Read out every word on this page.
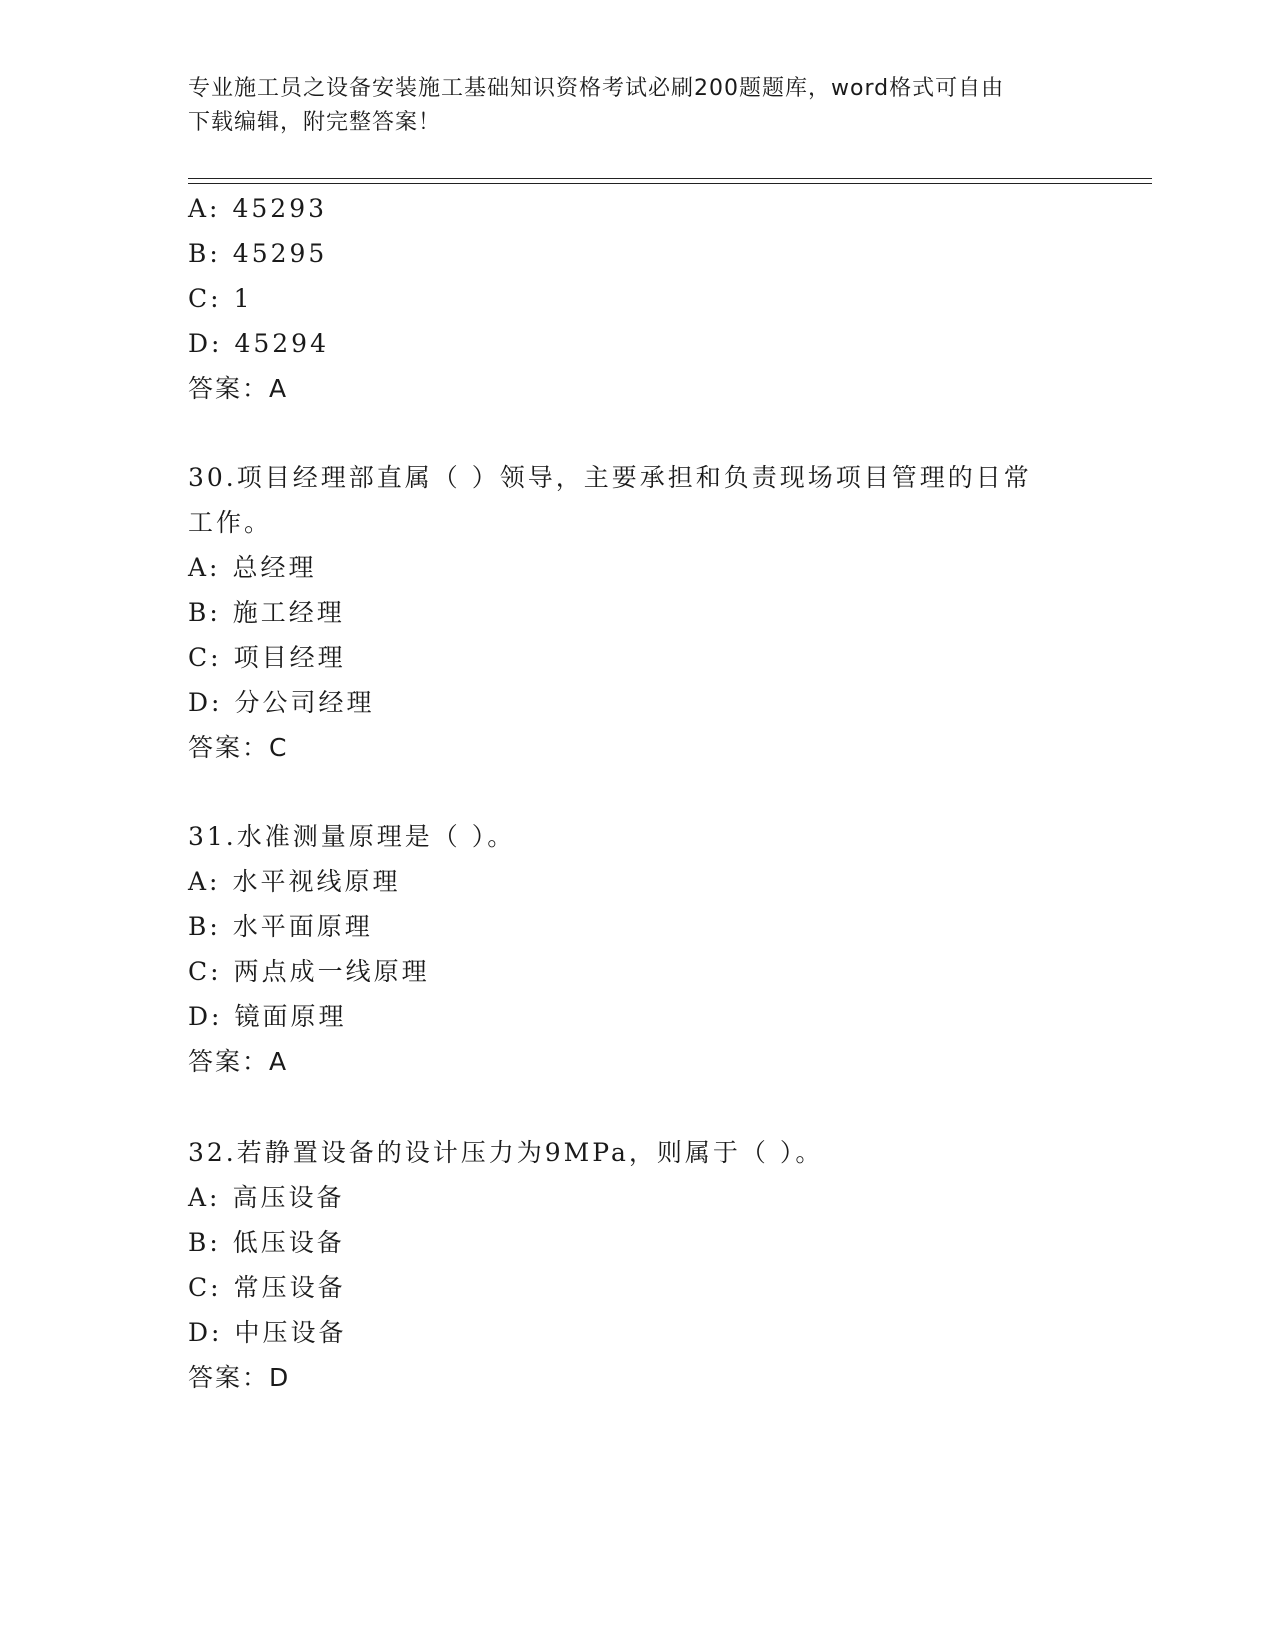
专业施工员之设备安装施工基础知识资格考试必刷200题题库，word格式可自由
下载编辑，附完整答案！
A: 45293
B: 45295
C: 1
D: 45294
答案：A
30.项目经理部直属（ ）领导，主要承担和负责现场项目管理的日常
工作。
A: 总经理
B: 施工经理
C: 项目经理
D: 分公司经理
答案：C
31.水准测量原理是（ ）。
A: 水平视线原理
B: 水平面原理
C: 两点成一线原理
D: 镜面原理
答案：A
32.若静置设备的设计压力为9MPa，则属于（ ）。
A: 高压设备
B: 低压设备
C: 常压设备
D: 中压设备
答案：D
